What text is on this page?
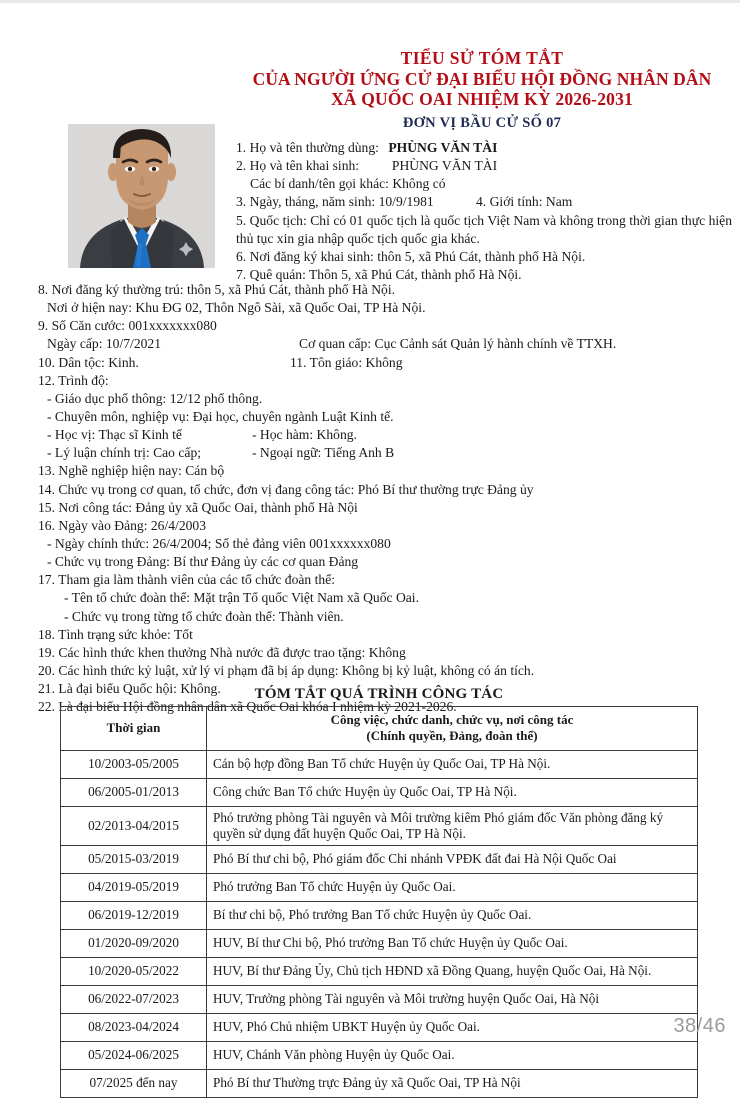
TIỂU SỬ TÓM TẮT
CỦA NGƯỜI ỨNG CỬ ĐẠI BIỂU HỘI ĐỒNG NHÂN DÂN
XÃ QUỐC OAI NHIỆM KỲ 2026-2031
ĐƠN VỊ BẦU CỬ SỐ 07
1. Họ và tên thường dùng: PHÙNG VĂN TÀI
2. Họ và tên khai sinh: PHÙNG VĂN TÀI
Các bí danh/tên gọi khác: Không có
3. Ngày, tháng, năm sinh: 10/9/1981	4. Giới tính: Nam
5. Quốc tịch: Chỉ có 01 quốc tịch là quốc tịch Việt Nam và không trong thời gian thực hiện thủ tục xin gia nhập quốc tịch quốc gia khác.
6. Nơi đăng ký khai sinh: thôn 5, xã Phú Cát, thành phố Hà Nội.
7. Quê quán: Thôn 5, xã Phú Cát, thành phố Hà Nội.
8. Nơi đăng ký thường trú: thôn 5, xã Phú Cát, thành phố Hà Nội.
Nơi ở hiện nay: Khu ĐG 02, Thôn Ngô Sài, xã Quốc Oai, TP Hà Nội.
9. Số Căn cước: 001xxxxxxx080
Ngày cấp: 10/7/2021	Cơ quan cấp: Cục Cảnh sát Quản lý hành chính về TTXH.
10. Dân tộc: Kinh.	11. Tôn giáo: Không
12. Trình độ:
- Giáo dục phổ thông: 12/12 phổ thông.
- Chuyên môn, nghiệp vụ: Đại học, chuyên ngành Luật Kinh tế.
- Học vị: Thạc sĩ Kinh tế	- Học hàm: Không.
- Lý luận chính trị: Cao cấp;	- Ngoại ngữ: Tiếng Anh B
13. Nghề nghiệp hiện nay: Cán bộ
14. Chức vụ trong cơ quan, tổ chức, đơn vị đang công tác: Phó Bí thư thường trực Đảng ủy
15. Nơi công tác: Đảng ủy xã Quốc Oai, thành phố Hà Nội
16. Ngày vào Đảng: 26/4/2003
- Ngày chính thức: 26/4/2004; Số thẻ đảng viên 001xxxxxx080
- Chức vụ trong Đảng: Bí thư Đảng ủy các cơ quan Đảng
17. Tham gia làm thành viên của các tổ chức đoàn thể:
- Tên tổ chức đoàn thể: Mặt trận Tổ quốc Việt Nam xã Quốc Oai.
- Chức vụ trong từng tổ chức đoàn thể: Thành viên.
18. Tình trạng sức khỏe: Tốt
19. Các hình thức khen thưởng Nhà nước đã được trao tặng: Không
20. Các hình thức kỷ luật, xử lý vi phạm đã bị áp dụng: Không bị kỷ luật, không có án tích.
21. Là đại biểu Quốc hội: Không.
22. Là đại biểu Hội đồng nhân dân xã Quốc Oai khóa I nhiệm kỳ 2021-2026.
TÓM TẮT QUÁ TRÌNH CÔNG TÁC
Thời gian	Công việc, chức danh, chức vụ, nơi công tác
(Chính quyền, Đảng, đoàn thể)

10/2003-05/2005	Cán bộ hợp đồng Ban Tổ chức Huyện ủy Quốc Oai, TP Hà Nội.
06/2005-01/2013	Công chức Ban Tổ chức Huyện ủy Quốc Oai, TP Hà Nội.
02/2013-04/2015	Phó trưởng phòng Tài nguyên và Môi trường kiêm Phó giám đốc Văn phòng đăng ký quyền sử dụng đất huyện Quốc Oai, TP Hà Nội.
05/2015-03/2019	Phó Bí thư chi bộ, Phó giám đốc Chi nhánh VPĐK đất đai Hà Nội Quốc Oai
04/2019-05/2019	Phó trưởng Ban Tổ chức Huyện ủy Quốc Oai.
06/2019-12/2019	Bí thư chi bộ, Phó trưởng Ban Tổ chức Huyện ủy Quốc Oai.
01/2020-09/2020	HUV, Bí thư Chi bộ, Phó trưởng Ban Tổ chức Huyện ủy Quốc Oai.
10/2020-05/2022	HUV, Bí thư Đảng Ủy, Chủ tịch HĐND xã Đồng Quang, huyện Quốc Oai, Hà Nội.
06/2022-07/2023	HUV, Trưởng phòng Tài nguyên và Môi trường huyện Quốc Oai, Hà Nội
08/2023-04/2024	HUV, Phó Chủ nhiệm UBKT Huyện ủy Quốc Oai.
05/2024-06/2025	HUV, Chánh Văn phòng Huyện ủy Quốc Oai.
07/2025 đến nay	Phó Bí thư Thường trực Đảng ủy xã Quốc Oai, TP Hà Nội
38/46
